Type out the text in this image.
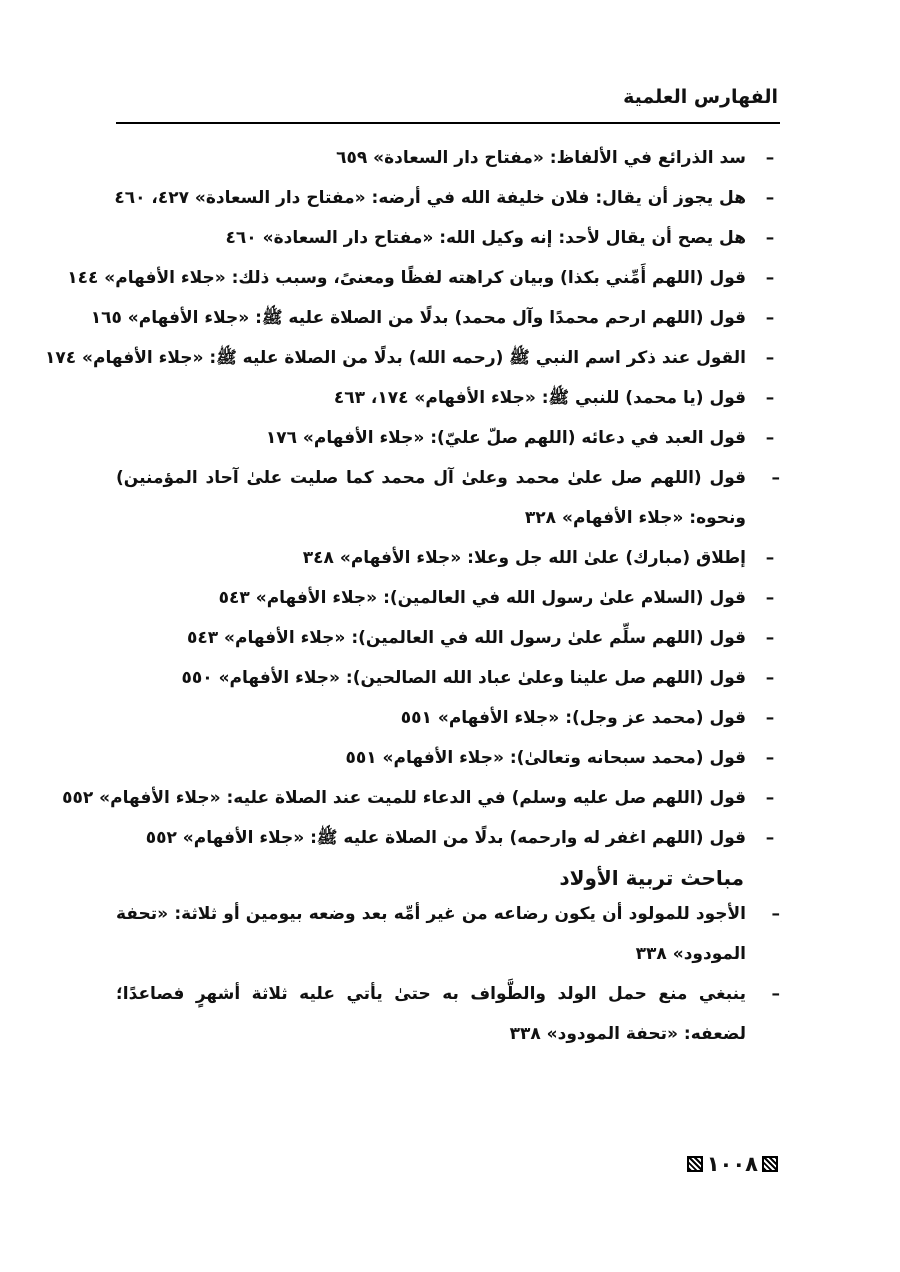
الفهارس العلمية
–
سد الذرائع في الألفاظ: «مفتاح دار السعادة» ٦٥٩
–
هل يجوز أن يقال: فلان خليفة الله في أرضه: «مفتاح دار السعادة» ٤٢٧، ٤٦٠
–
هل يصح أن يقال لأحد: إنه وكيل الله: «مفتاح دار السعادة» ٤٦٠
–
قول (اللهم أَمِّني بكذا) وبيان كراهته لفظًا ومعنىً، وسبب ذلك: «جلاء الأفهام» ١٤٤
–
قول (اللهم ارحم محمدًا وآل محمد) بدلًا من الصلاة عليه ﷺ: «جلاء الأفهام» ١٦٥
–
القول عند ذكر اسم النبي ﷺ (رحمه الله) بدلًا من الصلاة عليه ﷺ: «جلاء الأفهام» ١٧٤
–
قول (يا محمد) للنبي ﷺ: «جلاء الأفهام» ١٧٤، ٤٦٣
–
قول العبد في دعائه (اللهم صلّ عليّ): «جلاء الأفهام» ١٧٦
–
قول (اللهم صل علىٰ محمد وعلىٰ آل محمد كما صليت علىٰ آحاد المؤمنين) ونحوه: «جلاء الأفهام» ٣٢٨
–
إطلاق (مبارك) علىٰ الله جل وعلا: «جلاء الأفهام» ٣٤٨
–
قول (السلام علىٰ رسول الله في العالمين): «جلاء الأفهام» ٥٤٣
–
قول (اللهم سلِّم علىٰ رسول الله في العالمين): «جلاء الأفهام» ٥٤٣
–
قول (اللهم صل علينا وعلىٰ عباد الله الصالحين): «جلاء الأفهام» ٥٥٠
–
قول (محمد عز وجل): «جلاء الأفهام» ٥٥١
–
قول (محمد سبحانه وتعالىٰ): «جلاء الأفهام» ٥٥١
–
قول (اللهم صل عليه وسلم) في الدعاء للميت عند الصلاة عليه: «جلاء الأفهام» ٥٥٢
–
قول (اللهم اغفر له وارحمه) بدلًا من الصلاة عليه ﷺ: «جلاء الأفهام» ٥٥٢
مباحث تربية الأولاد
–
الأجود للمولود أن يكون رضاعه من غير أمِّه بعد وضعه بيومين أو ثلاثة: «تحفة المودود» ٣٣٨
–
ينبغي منع حمل الولد والطَّواف به حتىٰ يأتي عليه ثلاثة أشهرٍ فصاعدًا؛ لضعفه: «تحفة المودود» ٣٣٨
١٠٠٨
